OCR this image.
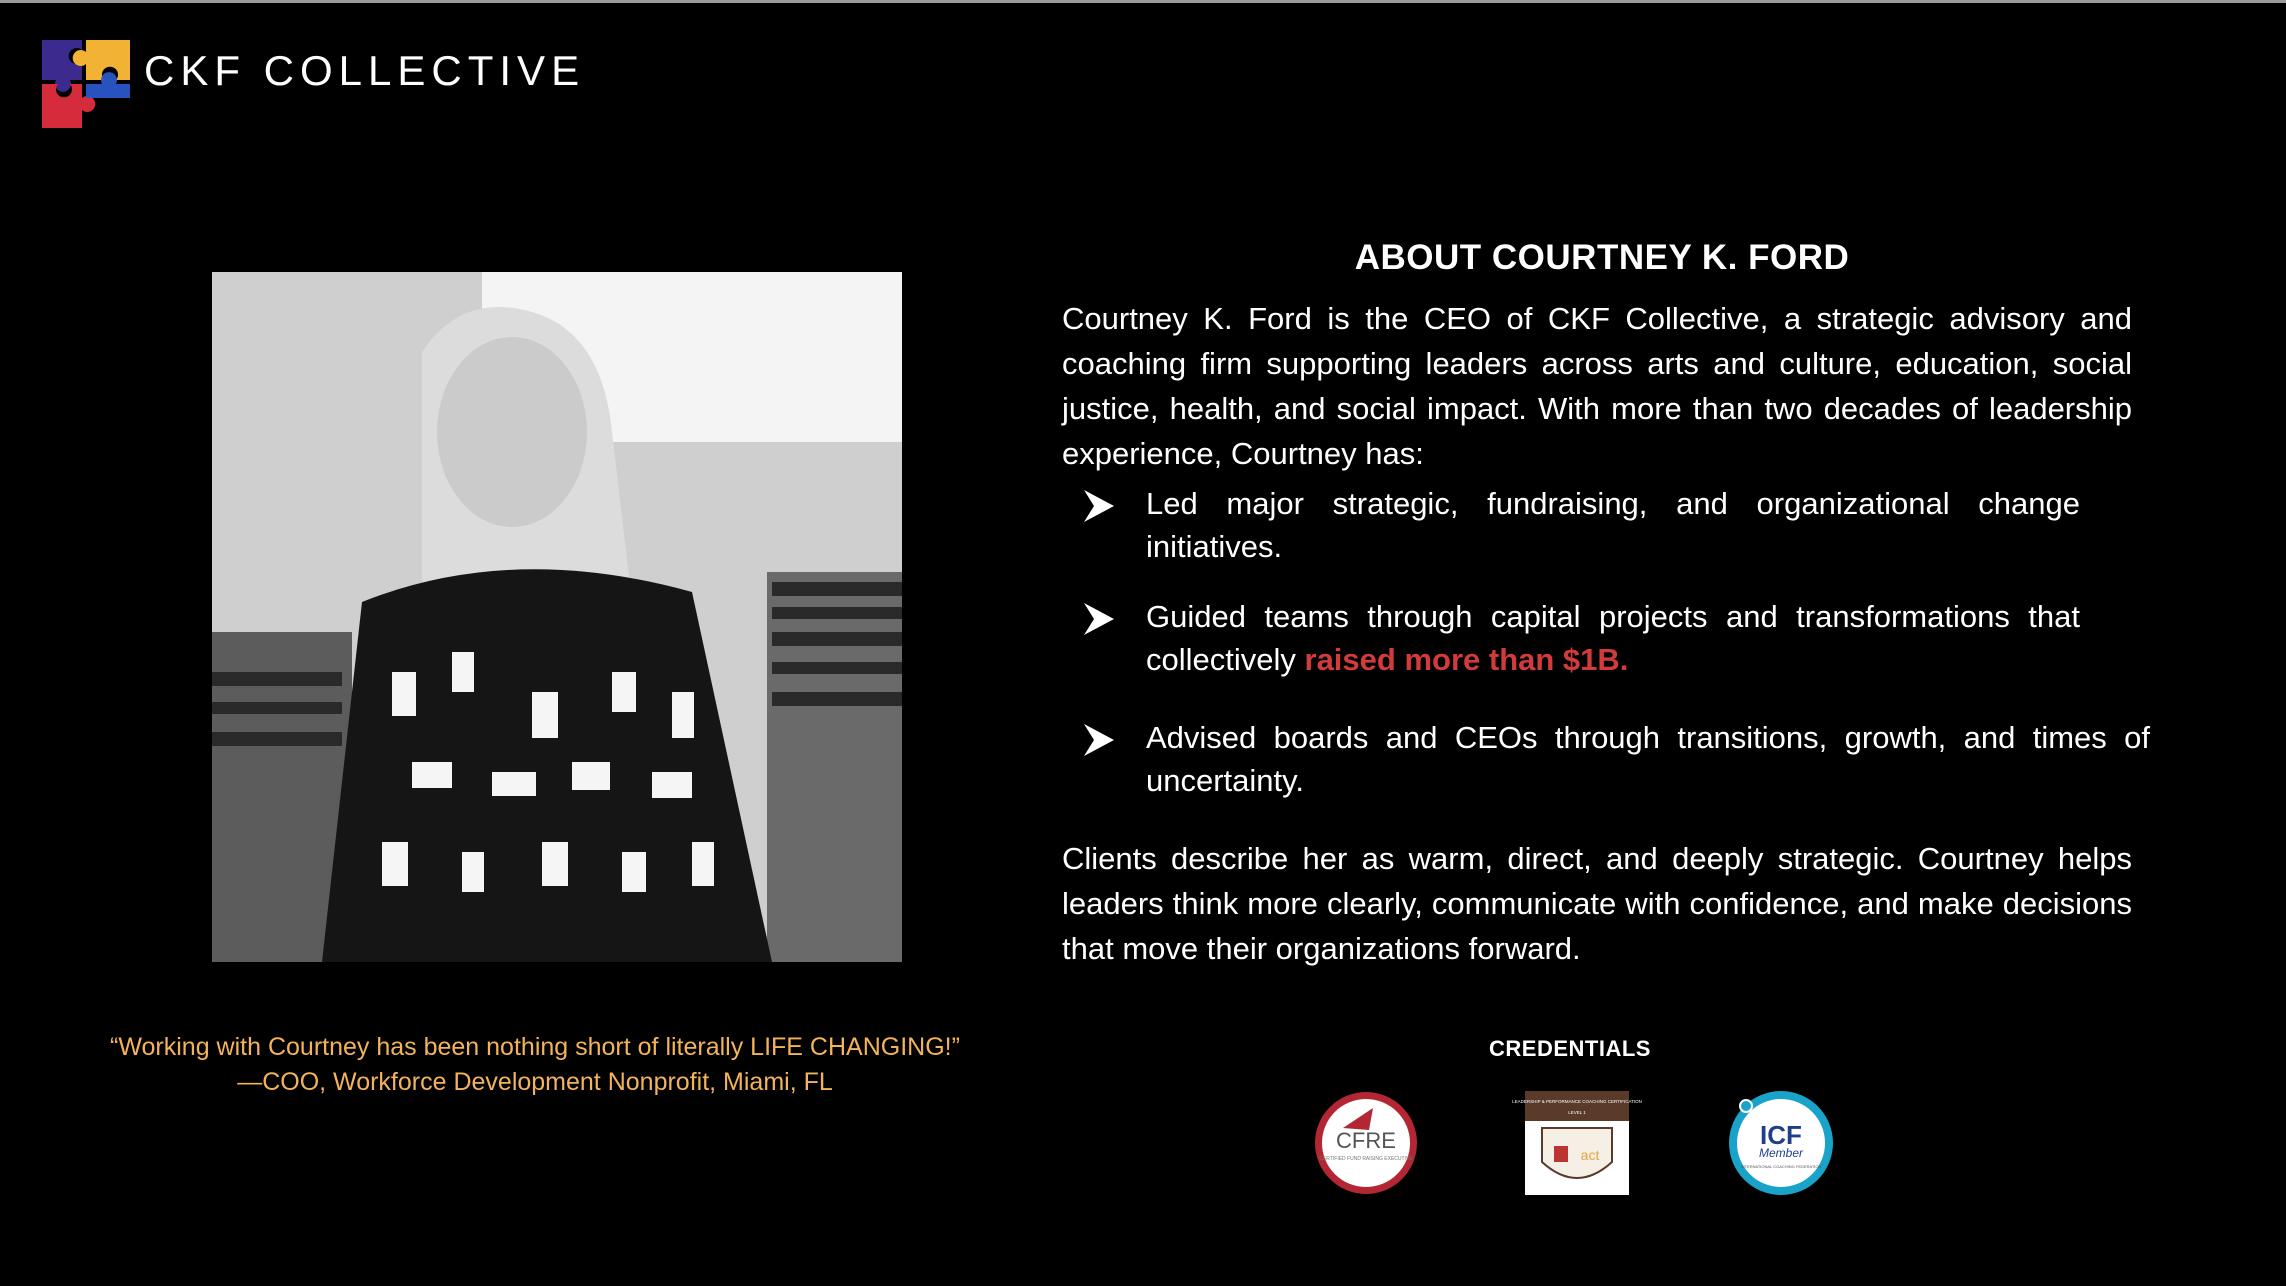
CKF COLLECTIVE
“Working with Courtney has been nothing short of literally LIFE CHANGING!”
—COO, Workforce Development Nonprofit, Miami, FL
ABOUT COURTNEY K. FORD
Courtney K. Ford is the CEO of CKF Collective, a strategic advisory and coaching firm supporting leaders across arts and culture, education, social justice, health, and social impact. With more than two decades of leadership experience, Courtney has:
Led major strategic, fundraising, and organizational change initiatives.
Guided teams through capital projects and transformations that collectively raised more than $1B.
Advised boards and CEOs through transitions, growth, and times of uncertainty.
Clients describe her as warm, direct, and deeply strategic. Courtney helps leaders think more clearly, communicate with confidence, and make decisions that move their organizations forward.
CREDENTIALS
CFRE
CERTIFIED FUND RAISING EXECUTIVE
LEADERSHIP & PERFORMANCE COACHING CERTIFICATION
LEVEL 1
act
ICF
Member
INTERNATIONAL COACHING FEDERATION
